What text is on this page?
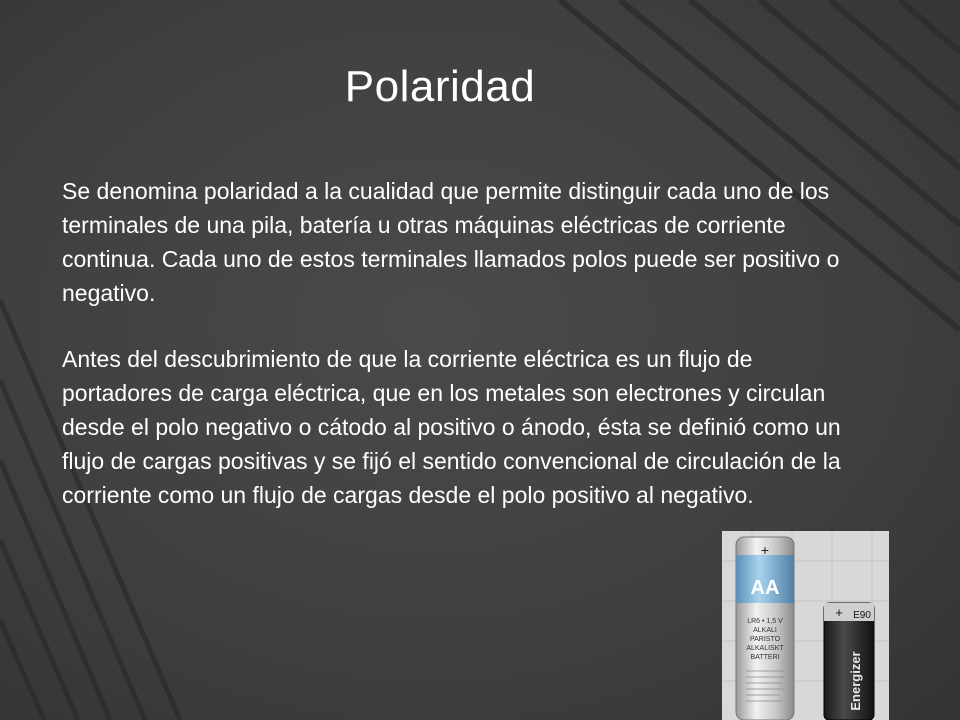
Polaridad

Se denomina polaridad a la cualidad que permite distinguir cada uno de los terminales de una pila, batería u otras máquinas eléctricas de corriente continua. Cada uno de estos terminales llamados polos puede ser positivo o negativo.

Antes del descubrimiento de que la corriente eléctrica es un flujo de portadores de carga eléctrica, que en los metales son electrones y circulan desde el polo negativo o cátodo al positivo o ánodo, ésta se definió como un flujo de cargas positivas y se fijó el sentido convencional de circulación de la corriente como un flujo de cargas desde el polo positivo al negativo.

+
AA
LR6 • 1,5 V
ALKALI
PARISTO
ALKALISKT
BATTERI
+ E90
Energizer
